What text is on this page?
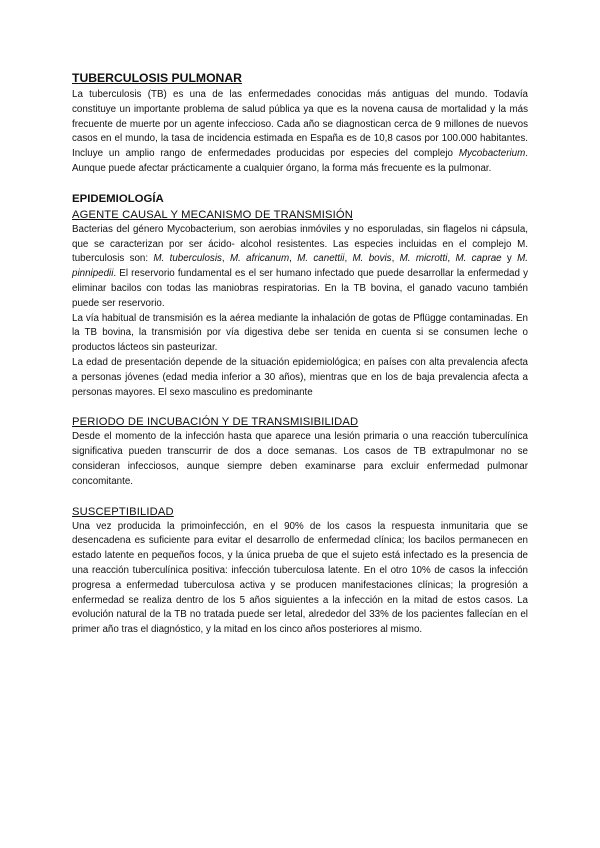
TUBERCULOSIS PULMONAR

La tuberculosis (TB) es una de las enfermedades conocidas más antiguas del mundo. Todavía constituye un importante problema de salud pública ya que es la novena causa de mortalidad y la más frecuente de muerte por un agente infeccioso. Cada año se diagnostican cerca de 9 millones de nuevos casos en el mundo, la tasa de incidencia estimada en España es de 10,8 casos por 100.000 habitantes. Incluye un amplio rango de enfermedades producidas por especies del complejo Mycobacterium. Aunque puede afectar prácticamente a cualquier órgano, la forma más frecuente es la pulmonar.

EPIDEMIOLOGÍA
AGENTE CAUSAL Y MECANISMO DE TRANSMISIÓN

Bacterias del género Mycobacterium, son aerobias inmóviles y no esporuladas, sin flagelos ni cápsula, que se caracterizan por ser ácido- alcohol resistentes. Las especies incluidas en el complejo M. tuberculosis son: M. tuberculosis, M. africanum, M. canettii, M. bovis, M. microtti, M. caprae y M. pinnipedii. El reservorio fundamental es el ser humano infectado que puede desarrollar la enfermedad y eliminar bacilos con todas las maniobras respiratorias. En la TB bovina, el ganado vacuno también puede ser reservorio.

La vía habitual de transmisión es la aérea mediante la inhalación de gotas de Pflügge contaminadas. En la TB bovina, la transmisión por vía digestiva debe ser tenida en cuenta si se consumen leche o productos lácteos sin pasteurizar.

La edad de presentación depende de la situación epidemiológica; en países con alta prevalencia afecta a personas jóvenes (edad media inferior a 30 años), mientras que en los de baja prevalencia afecta a personas mayores. El sexo masculino es predominante

PERIODO DE INCUBACIÓN Y DE TRANSMISIBILIDAD

Desde el momento de la infección hasta que aparece una lesión primaria o una reacción tuberculínica significativa pueden transcurrir de dos a doce semanas. Los casos de TB extrapulmonar no se consideran infecciosos, aunque siempre deben examinarse para excluir enfermedad pulmonar concomitante.

SUSCEPTIBILIDAD

Una vez producida la primoinfección, en el 90% de los casos la respuesta inmunitaria que se desencadena es suficiente para evitar el desarrollo de enfermedad clínica; los bacilos permanecen en estado latente en pequeños focos, y la única prueba de que el sujeto está infectado es la presencia de una reacción tuberculínica positiva: infección tuberculosa latente. En el otro 10% de casos la infección progresa a enfermedad tuberculosa activa y se producen manifestaciones clínicas; la progresión a enfermedad se realiza dentro de los 5 años siguientes a la infección en la mitad de estos casos. La evolución natural de la TB no tratada puede ser letal, alrededor del 33% de los pacientes fallecían en el primer año tras el diagnóstico, y la mitad en los cinco años posteriores al mismo.
